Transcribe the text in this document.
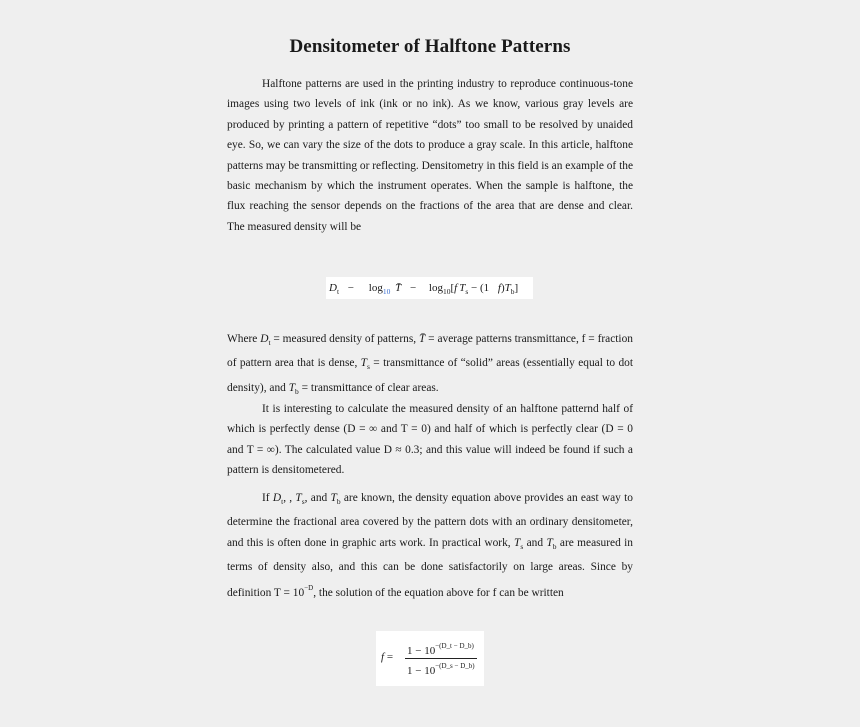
Densitometer of Halftone Patterns

Halftone patterns are used in the printing industry to reproduce continuous-tone images using two levels of ink (ink or no ink). As we know, various gray levels are produced by printing a pattern of repetitive “dots” too small to be resolved by unaided eye. So, we can vary the size of the dots to produce a gray scale. In this article, halftone patterns may be transmitting or reflecting. Densitometry in this field is an example of the basic mechanism by which the instrument operates. When the sample is halftone, the flux reaching the sensor depends on the fractions of the area that are dense and clear. The measured density will be

Dt − log10 T̄ − log10[f Ts − (1 f)Tb]

Where $D_t$ = measured density of patterns, T̄ = average patterns transmittance, f = fraction of pattern area that is dense, $T_s$ = transmittance of “solid” areas (essentially equal to dot density), and $T_b$ = transmittance of clear areas.

It is interesting to calculate the measured density of an halftone patternd half of which is perfectly dense (D = ∞ and T = 0) and half of which is perfectly clear (D = 0 and T = ∞). The calculated value D ≈ 0.3; and this value will indeed be found if such a pattern is densitometered.

If $D_t$, , $T_s$, and $T_b$ are known, the density equation above provides an east way to determine the fractional area covered by the pattern dots with an ordinary densitometer, and this is often done in graphic arts work. In practical work, $T_s$ and $T_b$ are measured in terms of density also, and this can be done satisfactorily on large areas. Since by definition $T = 10^{-D}$, the solution of the equation above for f can be written

$f = 1 - 10^{-(D\_t - D\_b)}$
$1 - 10^{-(D\_s - D\_b)}$
